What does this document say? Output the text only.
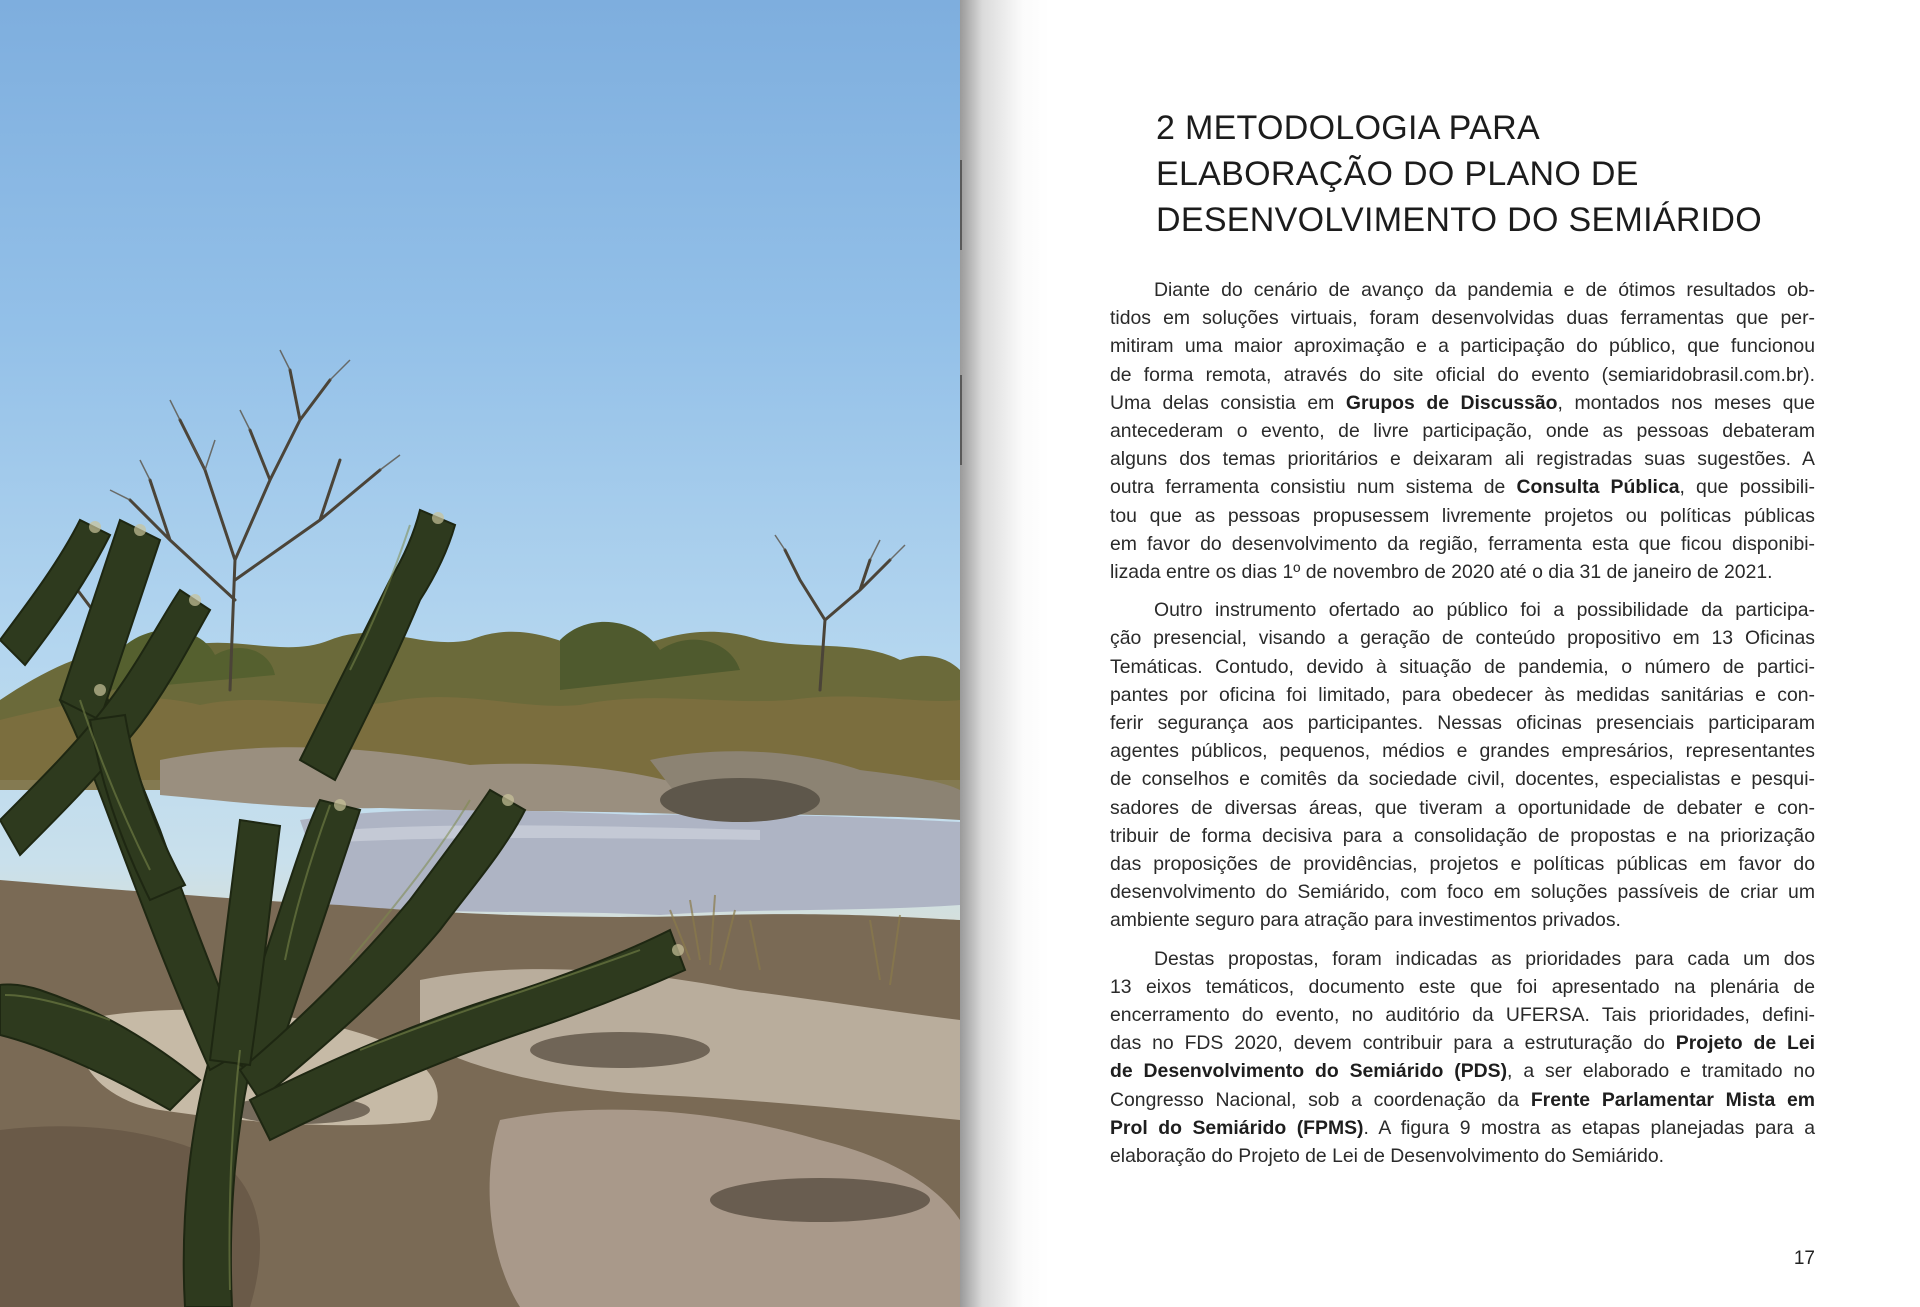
2 METODOLOGIA PARA
ELABORAÇÃO DO PLANO DE
DESENVOLVIMENTO DO SEMIÁRIDO

Diante do cenário de avanço da pandemia e de ótimos resultados ob-
tidos em soluções virtuais, foram desenvolvidas duas ferramentas que per-
mitiram uma maior aproximação e a participação do público, que funcionou
de forma remota, através do site oficial do evento (semiaridobrasil.com.br).
Uma delas consistia em Grupos de Discussão, montados nos meses que
antecederam o evento, de livre participação, onde as pessoas debateram
alguns dos temas prioritários e deixaram ali registradas suas sugestões. A
outra ferramenta consistiu num sistema de Consulta Pública, que possibili-
tou que as pessoas propusessem livremente projetos ou políticas públicas
em favor do desenvolvimento da região, ferramenta esta que ficou disponibi-
lizada entre os dias 1º de novembro de 2020 até o dia 31 de janeiro de 2021.

Outro instrumento ofertado ao público foi a possibilidade da participa-
ção presencial, visando a geração de conteúdo propositivo em 13 Oficinas
Temáticas. Contudo, devido à situação de pandemia, o número de partici-
pantes por oficina foi limitado, para obedecer às medidas sanitárias e con-
ferir segurança aos participantes. Nessas oficinas presenciais participaram
agentes públicos, pequenos, médios e grandes empresários, representantes
de conselhos e comitês da sociedade civil, docentes, especialistas e pesqui-
sadores de diversas áreas, que tiveram a oportunidade de debater e con-
tribuir de forma decisiva para a consolidação de propostas e na priorização
das proposições de providências, projetos e políticas públicas em favor do
desenvolvimento do Semiárido, com foco em soluções passíveis de criar um
ambiente seguro para atração para investimentos privados.

Destas propostas, foram indicadas as prioridades para cada um dos
13 eixos temáticos, documento este que foi apresentado na plenária de
encerramento do evento, no auditório da UFERSA. Tais prioridades, defini-
das no FDS 2020, devem contribuir para a estruturação do Projeto de Lei
de Desenvolvimento do Semiárido (PDS), a ser elaborado e tramitado no
Congresso Nacional, sob a coordenação da Frente Parlamentar Mista em
Prol do Semiárido (FPMS). A figura 9 mostra as etapas planejadas para a
elaboração do Projeto de Lei de Desenvolvimento do Semiárido.

17
